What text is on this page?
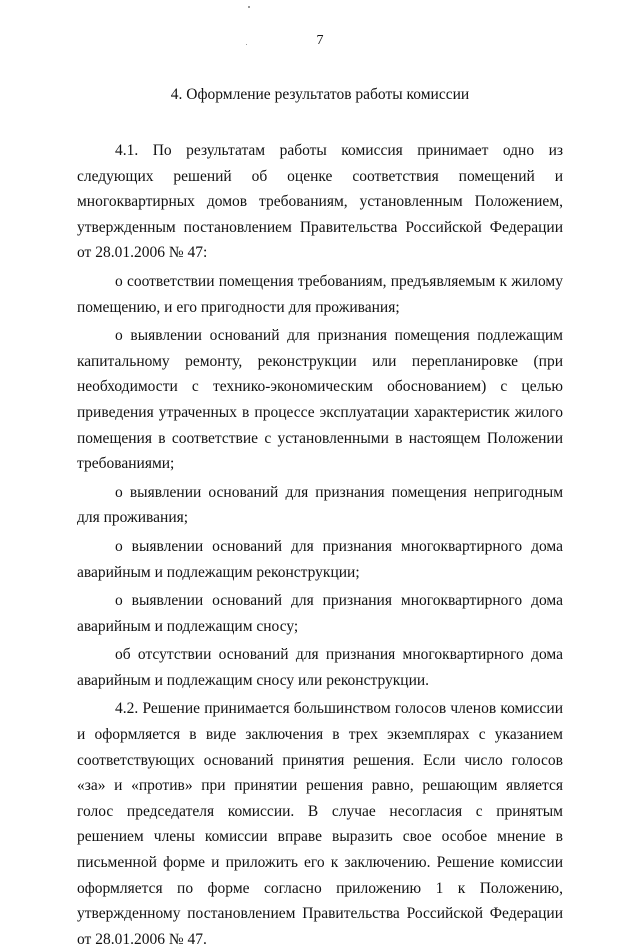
7
4. Оформление результатов работы комиссии

4.1. По результатам работы комиссия принимает одно из следующих решений об оценке соответствия помещений и многоквартирных домов требованиям, установленным Положением, утвержденным постановлением Правительства Российской Федерации от 28.01.2006 № 47:

о соответствии помещения требованиям, предъявляемым к жилому помещению, и его пригодности для проживания;

о выявлении оснований для признания помещения подлежащим капитальному ремонту, реконструкции или перепланировке (при необходимости с технико-экономическим обоснованием) с целью приведения утраченных в процессе эксплуатации характеристик жилого помещения в соответствие с установленными в настоящем Положении требованиями;

о выявлении оснований для признания помещения непригодным для проживания;

о выявлении оснований для признания многоквартирного дома аварийным и подлежащим реконструкции;

о выявлении оснований для признания многоквартирного дома аварийным и подлежащим сносу;

об отсутствии оснований для признания многоквартирного дома аварийным и подлежащим сносу или реконструкции.

4.2. Решение принимается большинством голосов членов комиссии и оформляется в виде заключения в трех экземплярах с указанием соответствующих оснований принятия решения. Если число голосов «за» и «против» при принятии решения равно, решающим является голос председателя комиссии. В случае несогласия с принятым решением члены комиссии вправе выразить свое особое мнение в письменной форме и приложить его к заключению. Решение комиссии оформляется по форме согласно приложению 1 к Положению, утвержденному постановлением Правительства Российской Федерации от 28.01.2006 № 47.
